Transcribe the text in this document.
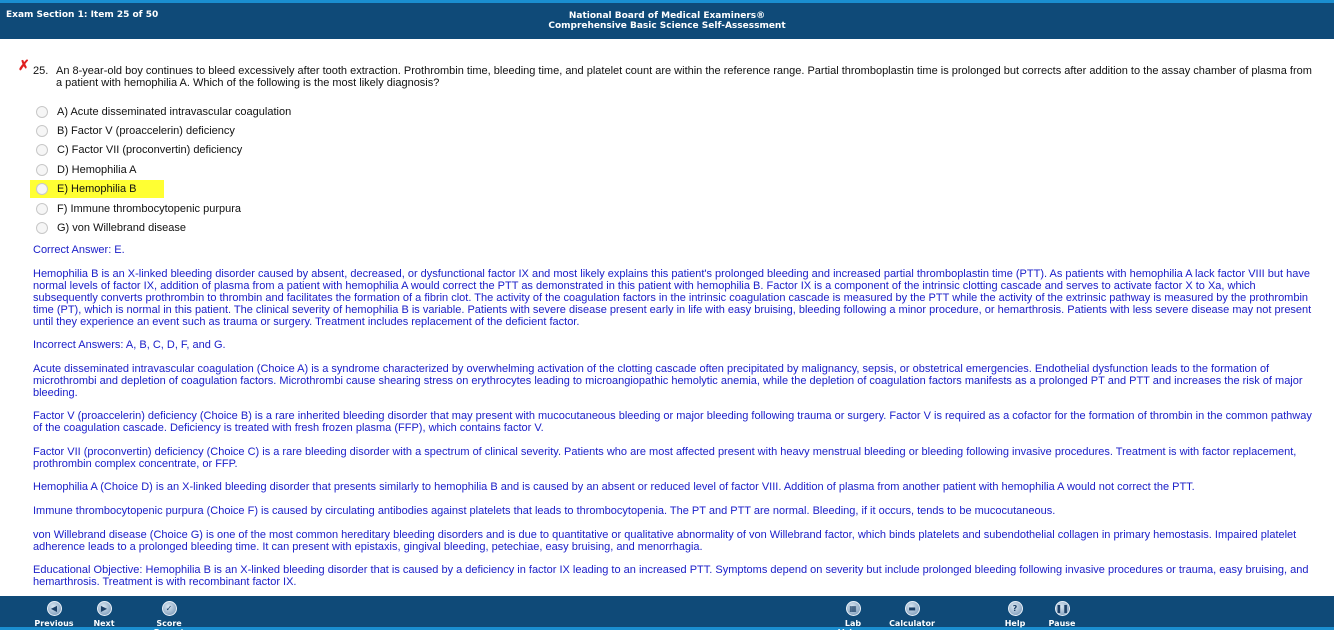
Exam Section 1: Item 25 of 50	National Board of Medical Examiners®
Comprehensive Basic Science Self-Assessment
✗ 25. An 8-year-old boy continues to bleed excessively after tooth extraction. Prothrombin time, bleeding time, and platelet count are within the reference range. Partial thromboplastin time is prolonged but corrects after addition to the assay chamber of plasma from a patient with hemophilia A. Which of the following is the most likely diagnosis?
A) Acute disseminated intravascular coagulation
B) Factor V (proaccelerin) deficiency
C) Factor VII (proconvertin) deficiency
D) Hemophilia A
E) Hemophilia B
F) Immune thrombocytopenic purpura
G) von Willebrand disease
Correct Answer: E.
Hemophilia B is an X-linked bleeding disorder caused by absent, decreased, or dysfunctional factor IX and most likely explains this patient's prolonged bleeding and increased partial thromboplastin time (PTT). As patients with hemophilia A lack factor VIII but have normal levels of factor IX, addition of plasma from a patient with hemophilia A would correct the PTT as demonstrated in this patient with hemophilia B. Factor IX is a component of the intrinsic clotting cascade and serves to activate factor X to Xa, which subsequently converts prothrombin to thrombin and facilitates the formation of a fibrin clot. The activity of the coagulation factors in the intrinsic coagulation cascade is measured by the PTT while the activity of the extrinsic pathway is measured by the prothrombin time (PT), which is normal in this patient. The clinical severity of hemophilia B is variable. Patients with severe disease present early in life with easy bruising, bleeding following a minor procedure, or hemarthrosis. Patients with less severe disease may not present until they experience an event such as trauma or surgery. Treatment includes replacement of the deficient factor.
Incorrect Answers: A, B, C, D, F, and G.
Acute disseminated intravascular coagulation (Choice A) is a syndrome characterized by overwhelming activation of the clotting cascade often precipitated by malignancy, sepsis, or obstetrical emergencies. Endothelial dysfunction leads to the formation of microthrombi and depletion of coagulation factors. Microthrombi cause shearing stress on erythrocytes leading to microangiopathic hemolytic anemia, while the depletion of coagulation factors manifests as a prolonged PT and PTT and increases the risk of major bleeding.
Factor V (proaccelerin) deficiency (Choice B) is a rare inherited bleeding disorder that may present with mucocutaneous bleeding or major bleeding following trauma or surgery. Factor V is required as a cofactor for the formation of thrombin in the common pathway of the coagulation cascade. Deficiency is treated with fresh frozen plasma (FFP), which contains factor V.
Factor VII (proconvertin) deficiency (Choice C) is a rare bleeding disorder with a spectrum of clinical severity. Patients who are most affected present with heavy menstrual bleeding or bleeding following invasive procedures. Treatment is with factor replacement, prothrombin complex concentrate, or FFP.
Hemophilia A (Choice D) is an X-linked bleeding disorder that presents similarly to hemophilia B and is caused by an absent or reduced level of factor VIII. Addition of plasma from another patient with hemophilia A would not correct the PTT.
Immune thrombocytopenic purpura (Choice F) is caused by circulating antibodies against platelets that leads to thrombocytopenia. The PT and PTT are normal. Bleeding, if it occurs, tends to be mucocutaneous.
von Willebrand disease (Choice G) is one of the most common hereditary bleeding disorders and is due to quantitative or qualitative abnormality of von Willebrand factor, which binds platelets and subendothelial collagen in primary hemostasis. Impaired platelet adherence leads to a prolonged bleeding time. It can present with epistaxis, gingival bleeding, petechiae, easy bruising, and menorrhagia.
Educational Objective: Hemophilia B is an X-linked bleeding disorder that is caused by a deficiency in factor IX leading to an increased PTT. Symptoms depend on severity but include prolonged bleeding following invasive procedures or trauma, easy bruising, and hemarthrosis. Treatment is with recombinant factor IX.
◀
Previous
▶
Next
✓
Score Report
▦
Lab Values
▬
Calculator
?
Help
❚❚
Pause
